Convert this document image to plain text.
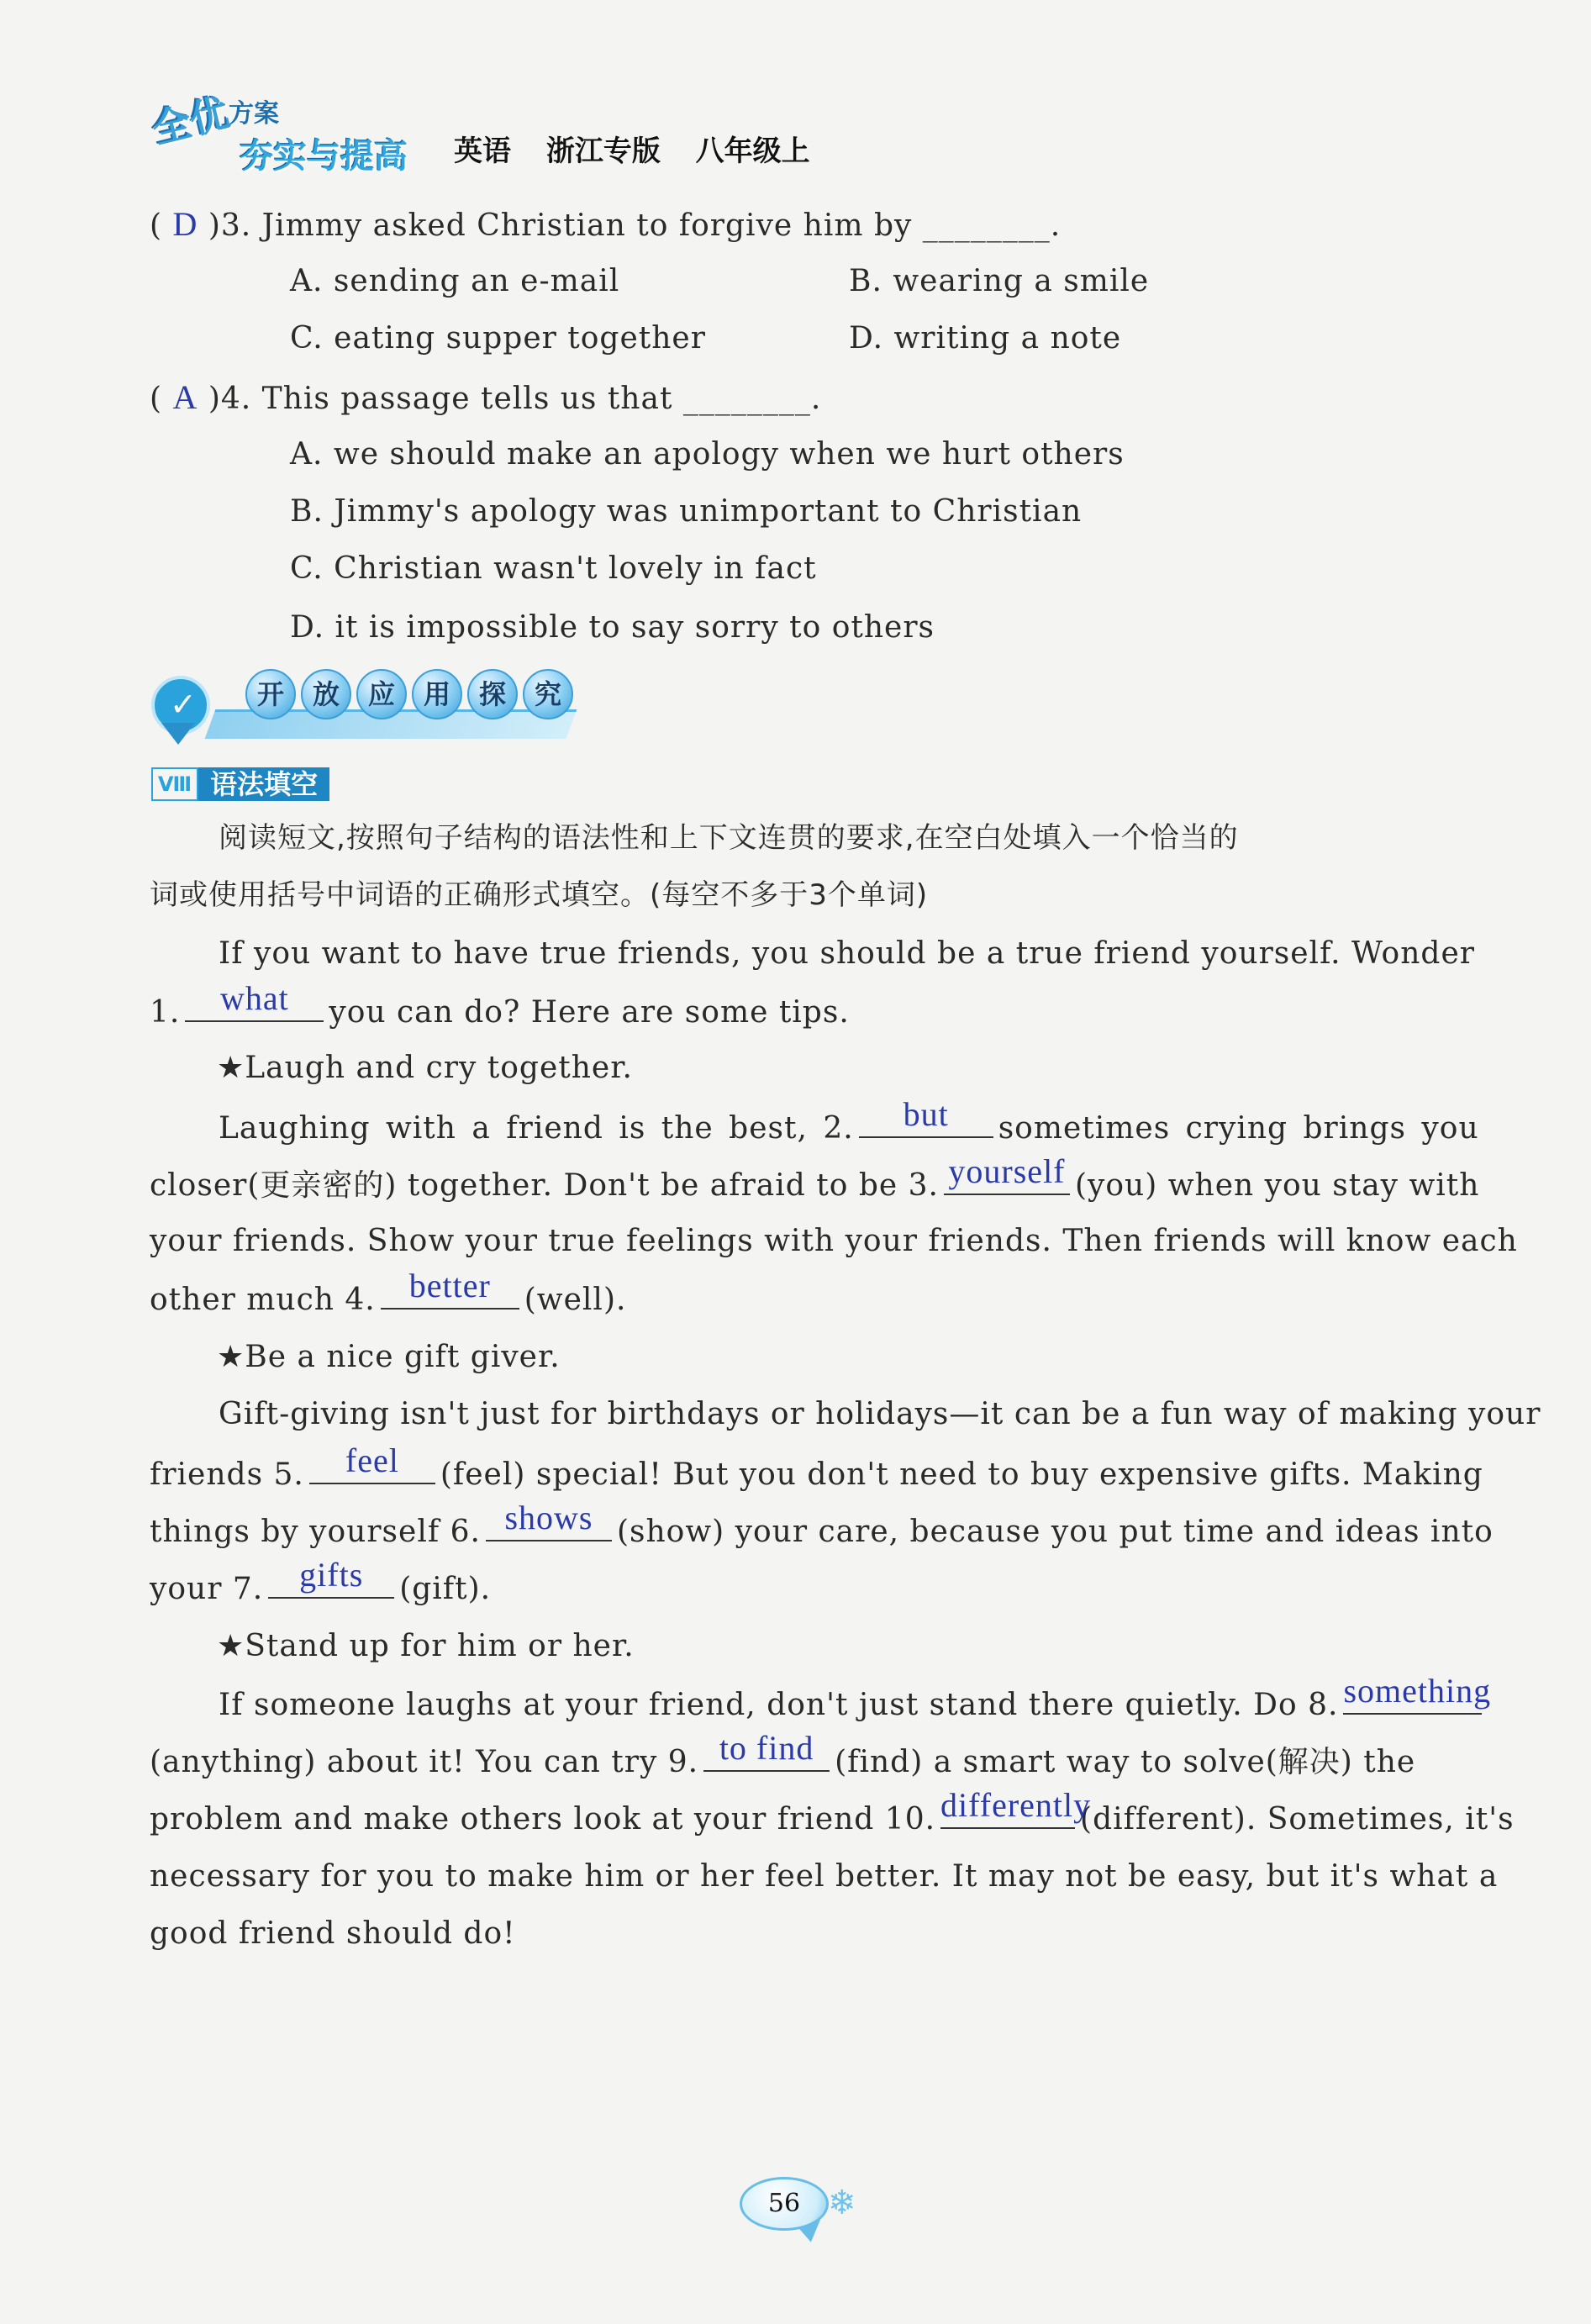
全优
方案
夯实与提高 英语 浙江专版 八年级上
( D )3. Jimmy asked Christian to forgive him by ________.
A. sending an e-mail	B. wearing a smile
C. eating supper together	D. writing a note
( A )4. This passage tells us that ________.
A. we should make an apology when we hurt others
B. Jimmy's apology was unimportant to Christian
C. Christian wasn't lovely in fact
D. it is impossible to say sorry to others
✓	开	放	应	用	探	究
Ⅷ 语法填空
阅读短文,按照句子结构的语法性和上下文连贯的要求,在空白处填入一个恰当的
词或使用括号中词语的正确形式填空。(每空不多于3个单词)
If you want to have true friends, you should be a true friend yourself. Wonder
1.	what	you can do? Here are some tips.
★Laugh and cry together.
Laughing with a friend is the best, 2.	but	sometimes crying brings you
closer(更亲密的) together. Don't be afraid to be 3. yourself (you) when you stay with
your friends. Show your true feelings with your friends. Then friends will know each
other much 4. better	(well).
★Be a nice gift giver.
Gift-giving isn't just for birthdays or holidays—it can be a fun way of making your
friends 5.	feel	(feel) special! But you don't need to buy expensive gifts. Making
things by yourself 6. shows (show) your care, because you put time and ideas into
your 7.	gifts	(gift).
★Stand up for him or her.
If someone laughs at your friend, don't just stand there quietly. Do 8. something
(anything) about it! You can try 9. to find (find) a smart way to solve(解决) the
problem and make others look at your friend 10. differently
(different). Sometimes, it's
necessary for you to make him or her feel better. It may not be easy, but it's what a
good friend should do!
56 ❄
